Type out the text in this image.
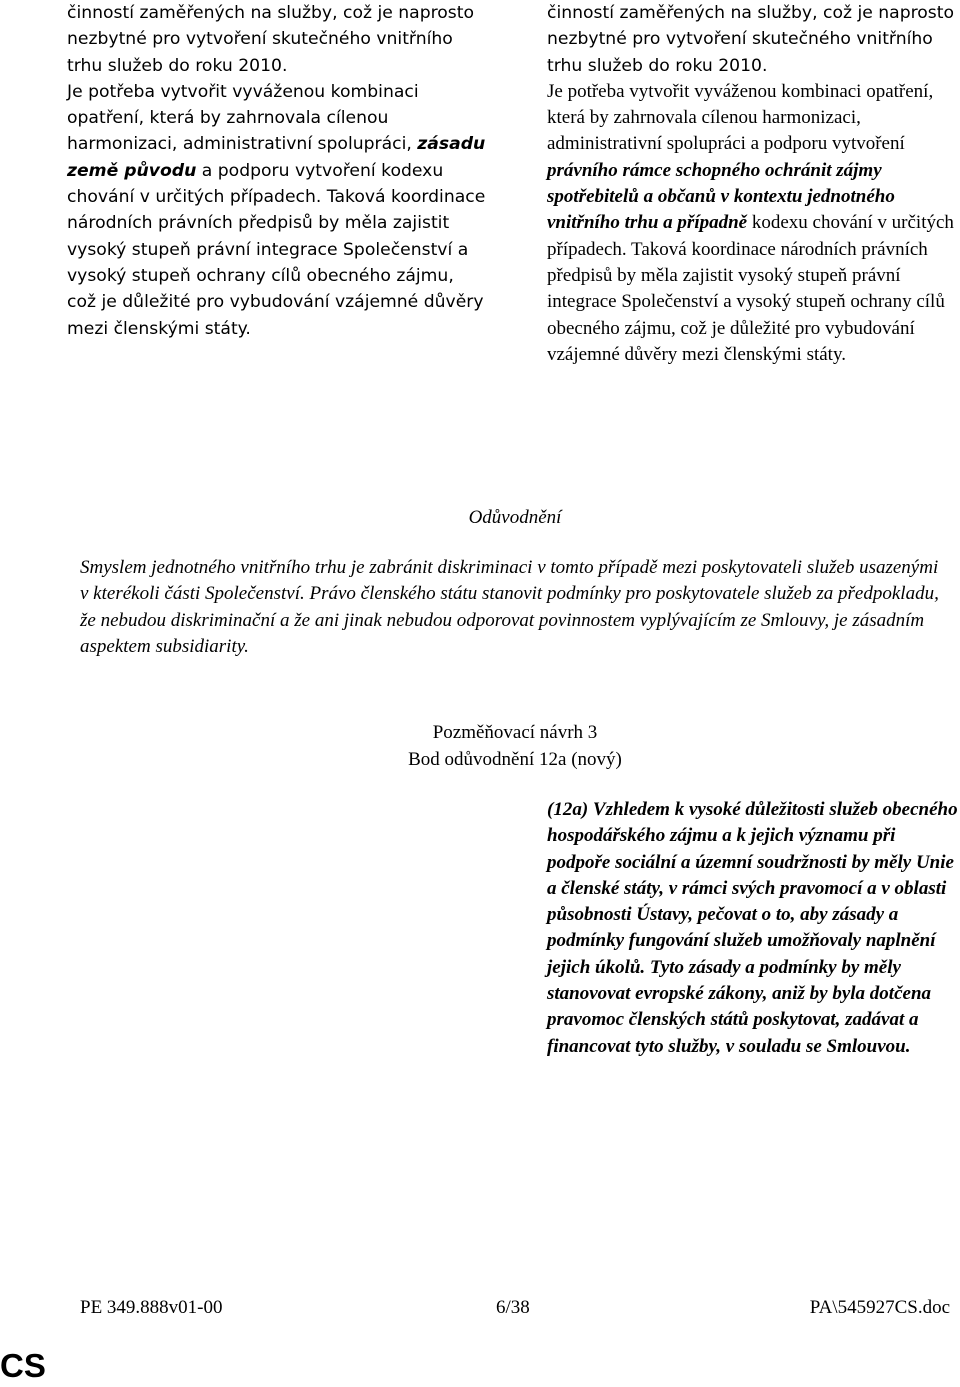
činností zaměřených na služby, což je naprosto nezbytné pro vytvoření skutečného vnitřního trhu služeb do roku 2010.

Je potřeba vytvořit vyváženou kombinaci opatření, která by zahrnovala cílenou harmonizaci, administrativní spolupráci, zásadu země původu a podporu vytvoření kodexu chování v určitých případech. Taková koordinace národních právních předpisů by měla zajistit vysoký stupeň právní integrace Společenství a vysoký stupeň ochrany cílů obecného zájmu, což je důležité pro vybudování vzájemné důvěry mezi členskými státy.

činností zaměřených na služby, což je naprosto nezbytné pro vytvoření skutečného vnitřního trhu služeb do roku 2010.

Je potřeba vytvořit vyváženou kombinaci opatření, která by zahrnovala cílenou harmonizaci, administrativní spolupráci a podporu vytvoření právního rámce schopného ochránit zájmy spotřebitelů a občanů v kontextu jednotného vnitřního trhu a případně kodexu chování v určitých případech. Taková koordinace národních právních předpisů by měla zajistit vysoký stupeň právní integrace Společenství a vysoký stupeň ochrany cílů obecného zájmu, což je důležité pro vybudování vzájemné důvěry mezi členskými státy.

Odůvodnění

Smyslem jednotného vnitřního trhu je zabránit diskriminaci v tomto případě mezi poskytovateli služeb usazenými v kterékoli části Společenství. Právo členského státu stanovit podmínky pro poskytovatele služeb za předpokladu, že nebudou diskriminační a že ani jinak nebudou odporovat povinnostem vyplývajícím ze Smlouvy, je zásadním aspektem subsidiarity.

Pozměňovací návrh 3
Bod odůvodnění 12a (nový)

(12a) Vzhledem k vysoké důležitosti služeb obecného hospodářského zájmu a k jejich významu při podpoře sociální a územní soudržnosti by měly Unie a členské státy, v rámci svých pravomocí a v oblasti působnosti Ústavy, pečovat o to, aby zásady a podmínky fungování služeb umožňovaly naplnění jejich úkolů. Tyto zásady a podmínky by měly stanovovat evropské zákony, aniž by byla dotčena pravomoc členských států poskytovat, zadávat a financovat tyto služby, v souladu se Smlouvou.

PE 349.888v01-00	6/38	PA\545927CS.doc
CS
